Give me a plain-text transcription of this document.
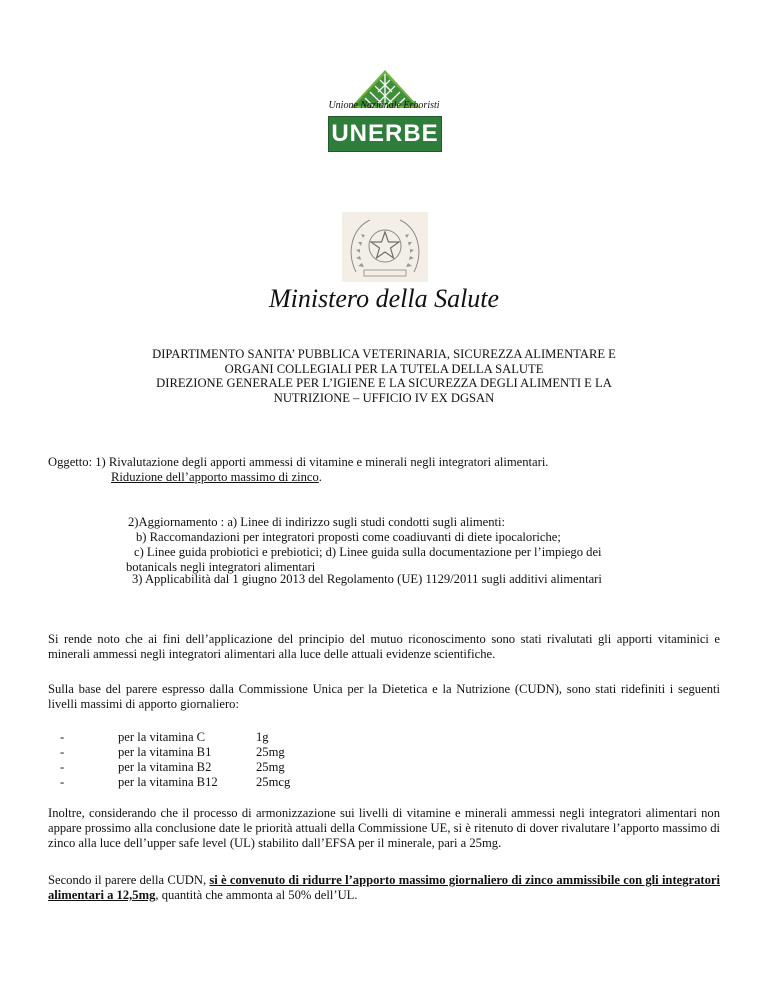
UNERBE
Unione Nazionale Erboristi
Ministero della Salute
DIPARTIMENTO SANITA’ PUBBLICA VETERINARIA, SICUREZZA ALIMENTARE E
ORGANI COLLEGIALI PER LA TUTELA DELLA SALUTE
DIREZIONE GENERALE PER L’IGIENE E LA SICUREZZA DEGLI ALIMENTI E LA
NUTRIZIONE – UFFICIO IV EX DGSAN
Oggetto: 1) Rivalutazione degli apporti ammessi di vitamine e minerali negli integratori alimentari.
Riduzione dell’apporto massimo di zinco.
2)Aggiornamento : a) Linee di indirizzo sugli studi condotti sugli alimenti:
b) Raccomandazioni per integratori proposti come coadiuvanti di diete ipocaloriche;
c) Linee guida probiotici e prebiotici; d) Linee guida sulla documentazione per l’impiego dei
botanicals negli integratori alimentari
3) Applicabilità dal 1 giugno 2013 del Regolamento (UE) 1129/2011 sugli additivi alimentari
Si rende noto che ai fini dell’applicazione del principio del mutuo riconoscimento sono stati rivalutati gli apporti vitaminici e minerali ammessi negli integratori alimentari alla luce delle attuali evidenze scientifiche.
Sulla base del parere espresso dalla Commissione Unica per la Dietetica e la Nutrizione (CUDN), sono stati ridefiniti i seguenti livelli massimi di apporto giornaliero:
-	per la vitamina C	1g
-	per la vitamina B1	25mg
-	per la vitamina B2	25mg
-	per la vitamina B12	25mcg
Inoltre, considerando che il processo di armonizzazione sui livelli di vitamine e minerali ammessi negli integratori alimentari non appare prossimo alla conclusione date le priorità attuali della Commissione UE, si è ritenuto di dover rivalutare l’apporto massimo di zinco alla luce dell’upper safe level (UL) stabilito dall’EFSA per il minerale, pari a 25mg.
Secondo il parere della CUDN, si è convenuto di ridurre l’apporto massimo giornaliero di zinco ammissibile con gli integratori alimentari a 12,5mg, quantità che ammonta al 50% dell’UL.
